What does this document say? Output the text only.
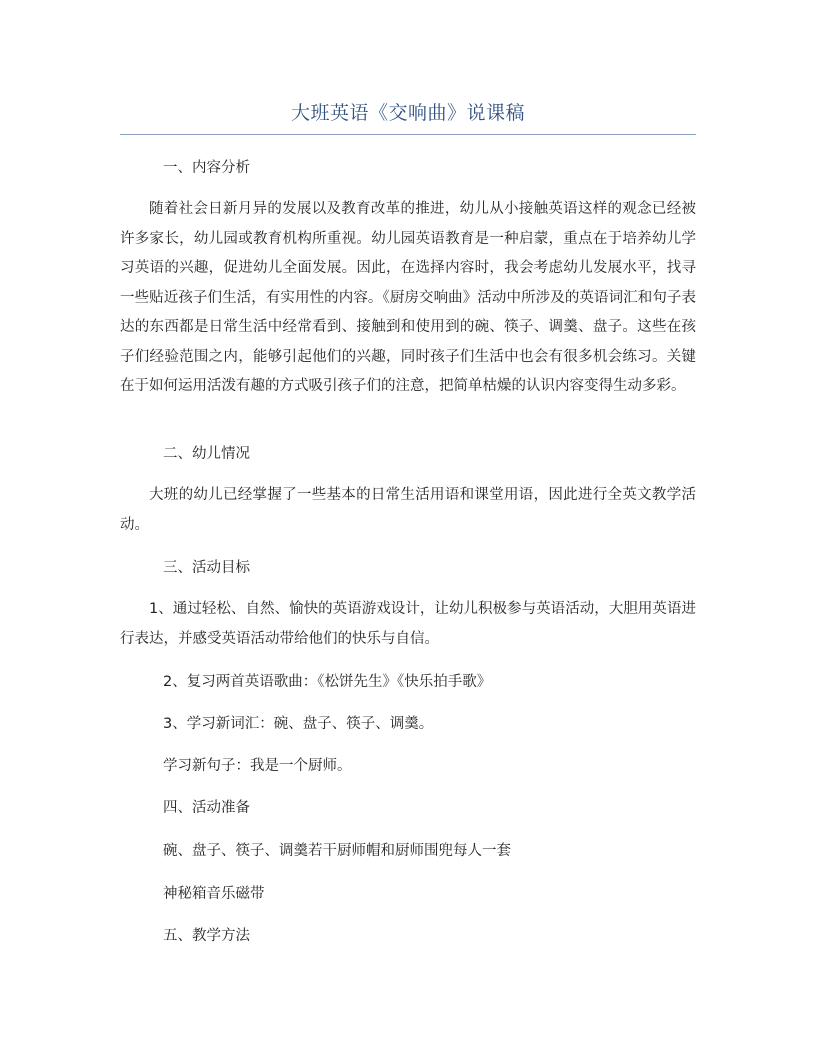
大班英语《交响曲》说课稿
一、内容分析
随着社会日新月异的发展以及教育改革的推进，幼儿从小接触英语这样的观念已经被许多家长，幼儿园或教育机构所重视。幼儿园英语教育是一种启蒙，重点在于培养幼儿学习英语的兴趣，促进幼儿全面发展。因此，在选择内容时，我会考虑幼儿发展水平，找寻一些贴近孩子们生活，有实用性的内容。《厨房交响曲》活动中所涉及的英语词汇和句子表达的东西都是日常生活中经常看到、接触到和使用到的碗、筷子、调羹、盘子。这些在孩子们经验范围之内，能够引起他们的兴趣，同时孩子们生活中也会有很多机会练习。关键在于如何运用活泼有趣的方式吸引孩子们的注意，把简单枯燥的认识内容变得生动多彩。
二、幼儿情况
大班的幼儿已经掌握了一些基本的日常生活用语和课堂用语，因此进行全英文教学活动。
三、活动目标
1、通过轻松、自然、愉快的英语游戏设计，让幼儿积极参与英语活动，大胆用英语进行表达，并感受英语活动带给他们的快乐与自信。
2、复习两首英语歌曲：《松饼先生》《快乐拍手歌》
3、学习新词汇：碗、盘子、筷子、调羹。
学习新句子：我是一个厨师。
四、活动准备
碗、盘子、筷子、调羹若干厨师帽和厨师围兜每人一套
神秘箱音乐磁带
五、教学方法
